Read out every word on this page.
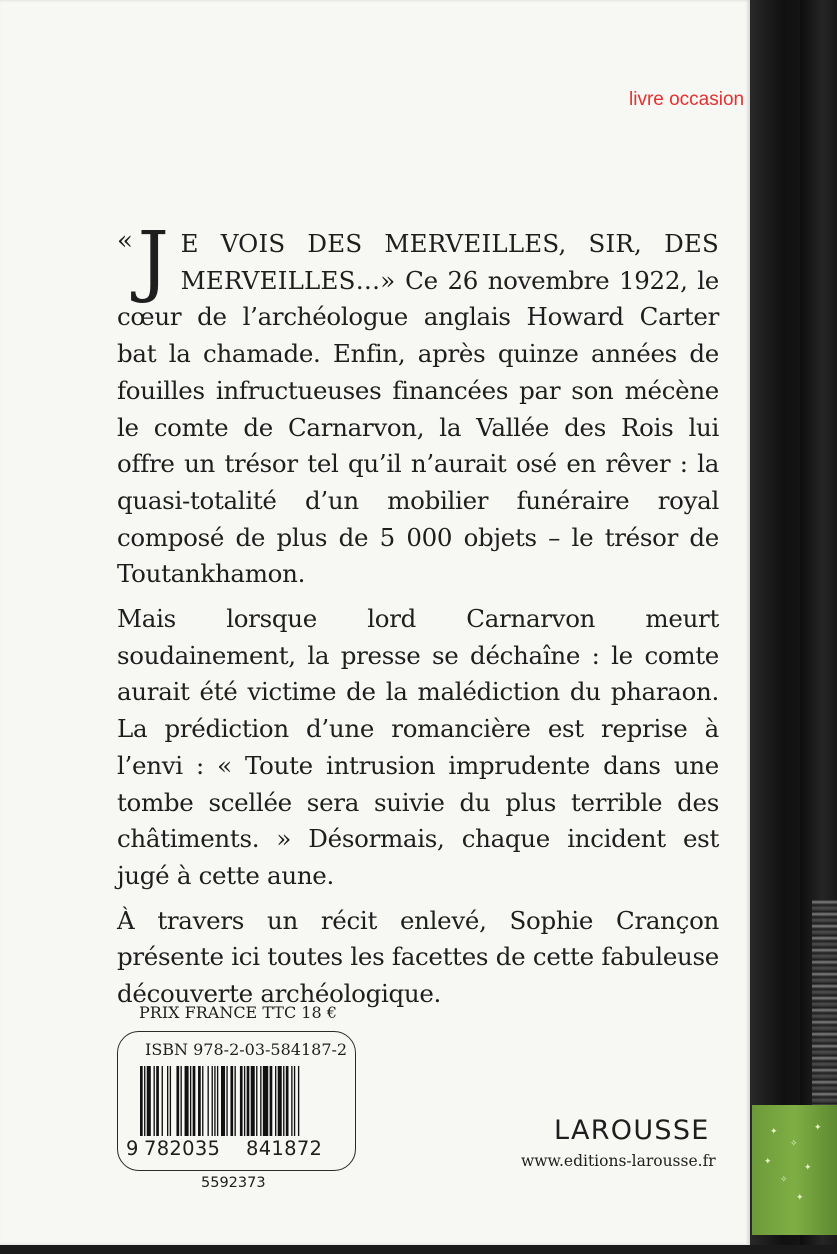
✦
✧
✦
✦
✧
✦
✦
livre occasion

« J E VOIS DES MERVEILLES, SIR, DES MERVEILLES…» Ce 26 novembre 1922, le cœur de l’archéologue anglais Howard Carter bat la chamade. Enfin, après quinze années de fouilles infructueuses financées par son mécène le comte de Carnarvon, la Vallée des Rois lui offre un trésor tel qu’il n’aurait osé en rêver : la quasi-totalité d’un mobilier funéraire royal composé de plus de 5 000 objets – le trésor de Toutankhamon.

Mais lorsque lord Carnarvon meurt soudainement, la presse se déchaîne : le comte aurait été victime de la malédiction du pharaon. La prédiction d’une romancière est reprise à l’envi : « Toute intrusion imprudente dans une tombe scellée sera suivie du plus terrible des châtiments. » Désormais, chaque incident est jugé à cette aune.

À travers un récit enlevé, Sophie Crançon présente ici toutes les facettes de cette fabuleuse découverte archéologique.

PRIX FRANCE TTC 18 €
ISBN 978-2-03-584187-2
9 782035 841872
5592373
LAROUSSE
www.editions-larousse.fr
